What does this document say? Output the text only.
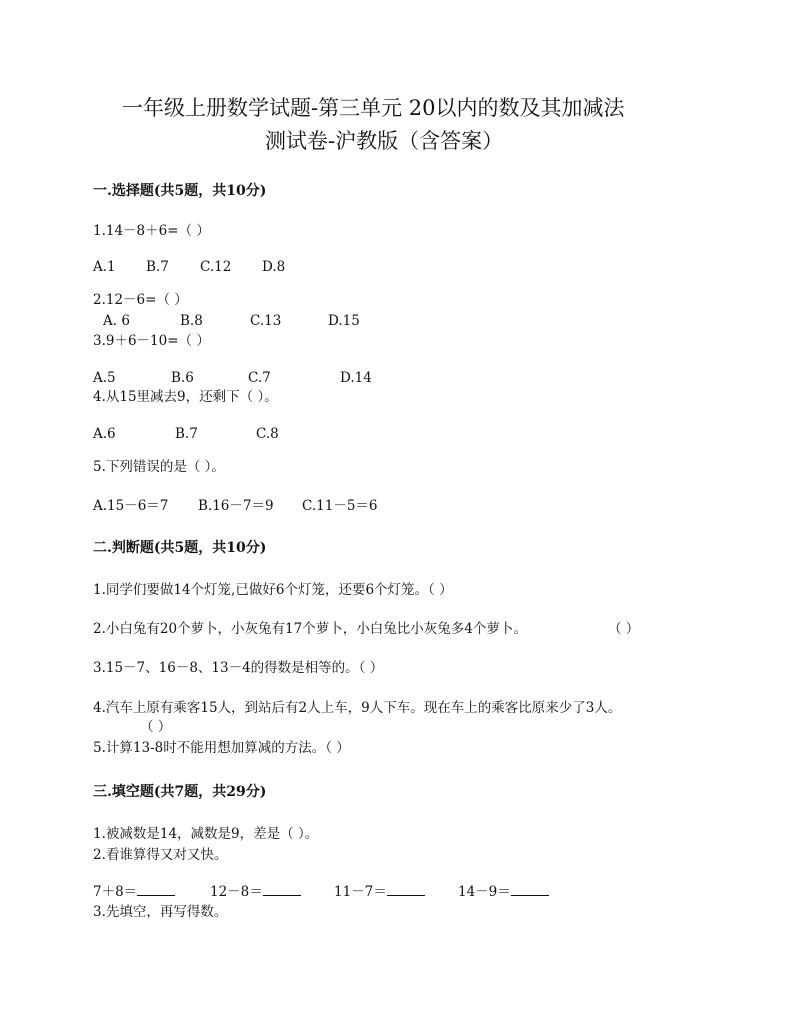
一年级上册数学试题-第三单元 20以内的数及其加减法
测试卷-沪教版（含答案）
一.选择题(共5题，共10分)
1.14－8＋6=（ ）
A.1 B.7 C.12 D.8
2.12－6=（ ）
A. 6	B.8	C.13	D.15
3.9＋6－10=（ ）
A.5	B.6	C.7	D.14
4.从15里减去9，还剩下（ ）。
A.6	B.7	C.8
5.下列错误的是（ ）。
A.15－6＝7 B.16－7＝9 C.11－5＝6
二.判断题(共5题，共10分)
1.同学们要做14个灯笼,已做好6个灯笼，还要6个灯笼。（ ）
2.小白兔有20个萝卜，小灰兔有17个萝卜，小白兔比小灰兔多4个萝卜。	（ ）
3.15－7、16－8、13－4的得数是相等的。（ ）
4.汽车上原有乘客15人，到站后有2人上车，9人下车。现在车上的乘客比原来少了3人。
（ ）
5.计算13-8时不能用想加算减的方法。（ ）
三.填空题(共7题，共29分)
1.被减数是14，减数是9，差是（ ）。
2.看谁算得又对又快。
7＋8＝	12－8＝	11－7＝	14－9＝
3.先填空，再写得数。
